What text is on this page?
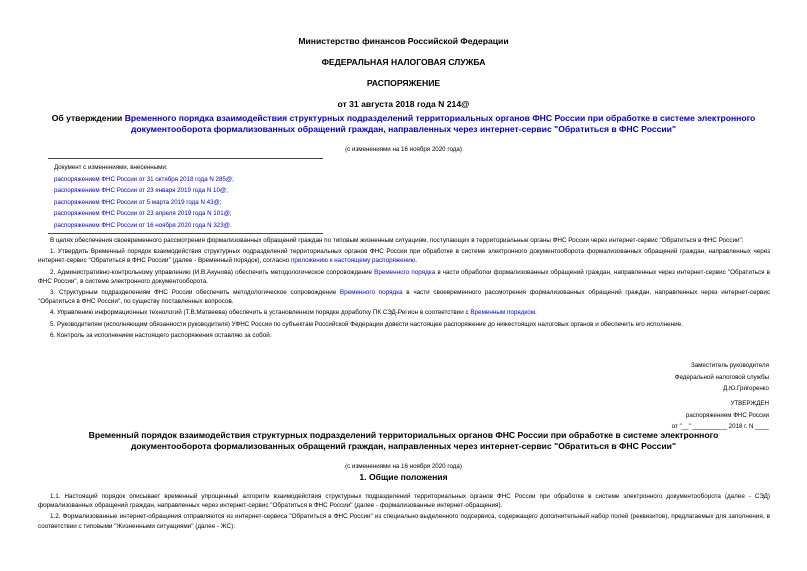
Министерство финансов Российской Федерации
ФЕДЕРАЛЬНАЯ НАЛОГОВАЯ СЛУЖБА
РАСПОРЯЖЕНИЕ
от 31 августа 2018 года N 214@
Об утверждении Временного порядка взаимодействия структурных подразделений территориальных органов ФНС России при обработке в системе электронного
документооборота формализованных обращений граждан, направленных через интернет-сервис "Обратиться в ФНС России"
(с изменениями на 16 ноября 2020 года)
Документ с изменениями, внесенными:
распоряжением ФНС России от 31 октября 2018 года N 285@;
распоряжением ФНС России от 23 января 2019 года N 10@;
распоряжением ФНС России от 5 марта 2019 года N 43@;
распоряжением ФНС России от 23 апреля 2019 года N 101@;
распоряжением ФНС России от 16 ноября 2020 года N 323@.
В целях обеспечения своевременного рассмотрения формализованных обращений граждан по типовым жизненным ситуациям, поступающих в территориальные органы ФНС России через интернет-сервис "Обратиться в ФНС России":
1. Утвердить Временный порядок взаимодействия структурных подразделений территориальных органов ФНС России при обработке в системе электронного документооборота формализованных обращений граждан, направленных через интернет-сервис "Обратиться в ФНС России" (далее - Временный порядок), согласно приложению к настоящему распоряжению.
2. Административно-контрольному управлению (И.В.Акунова) обеспечить методологическое сопровождение Временного порядка в части обработки формализованных обращений граждан, направленных через интернет-сервис "Обратиться в ФНС России", в системе электронного документооборота.
3. Структурным подразделениям ФНС России обеспечить методологическое сопровождение Временного порядка в части своевременного рассмотрения формализованных обращений граждан, направленных через интернет-сервис "Обратиться в ФНС России", по существу поставленных вопросов.
4. Управлению информационных технологий (Т.В.Матвеева) обеспечить в установленном порядке доработку ПК СЭД-Регион в соответствии с Временным порядком.
5. Руководителям (исполняющим обязанности руководителя) УФНС России по субъектам Российской Федерации довести настоящее распоряжение до нижестоящих налоговых органов и обеспечить его исполнение.
6. Контроль за исполнением настоящего распоряжения оставляю за собой.
Заместитель руководителя
Федеральной налоговой службы
Д.Ю.Григоренко
УТВЕРЖДЕН
распоряжением ФНС России
от "__" __________ 2018 г. N ____
Временный порядок взаимодействия структурных подразделений территориальных органов ФНС России при обработке в системе электронного
документооборота формализованных обращений граждан, направленных через интернет-сервис "Обратиться в ФНС России"
(с изменениями на 16 ноября 2020 года)
1. Общие положения
1.1. Настоящий порядок описывает временный упрощенный алгоритм взаимодействия структурных подразделений территориальных органов ФНС России при обработке в системе электронного документооборота (далее - СЭД) формализованных обращений граждан, направленных через интернет-сервис "Обратиться в ФНС России" (далее - формализованные интернет-обращения).
1.2. Формализованные интернет-обращения отправляются из интернет-сервиса "Обратиться в ФНС России" из специально выделенного подсервиса, содержащего дополнительный набор полей (реквизитов), предлагаемых для заполнения, в соответствии с типовыми "Жизненными ситуациями" (далее - ЖС):
